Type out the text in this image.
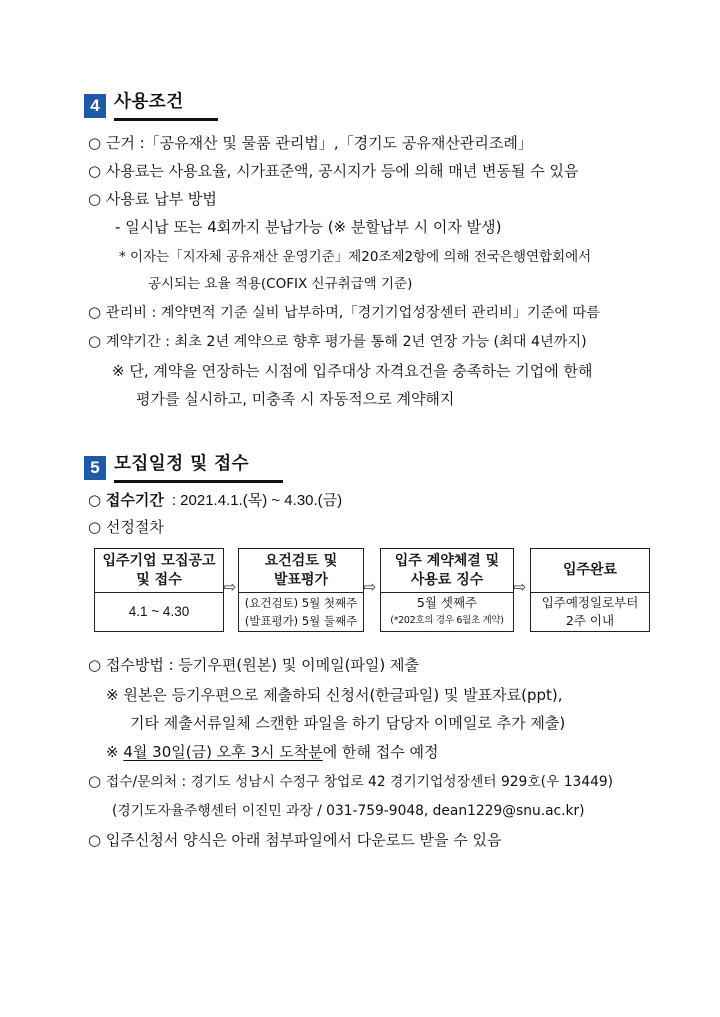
4 사용조건
○ 근거 :「공유재산 및 물품 관리법」,「경기도 공유재산관리조례」
○ 사용료는 사용요율, 시가표준액, 공시지가 등에 의해 매년 변동될 수 있음
○ 사용료 납부 방법
- 일시납 또는 4회까지 분납가능 (※ 분할납부 시 이자 발생)
* 이자는「지자체 공유재산 운영기준」제20조제2항에 의해 전국은행연합회에서
공시되는 요율 적용(COFIX 신규취급액 기준)
○ 관리비 : 계약면적 기준 실비 납부하며,「경기기업성장센터 관리비」기준에 따름
○ 계약기간 : 최초 2년 계약으로 향후 평가를 통해 2년 연장 가능 (최대 4년까지)
※ 단, 계약을 연장하는 시점에 입주대상 자격요건을 충족하는 기업에 한해
평가를 실시하고, 미충족 시 자동적으로 계약해지
5 모집일정 및 접수
○ 접수기간 : 2021.4.1.(목) ~ 4.30.(금)
○ 선정절차
입주기업 모집공고
및 접수
4.1 ~ 4.30
⇨
요건검토 및
발표평가
(요건검토) 5월 첫째주
(발표평가) 5월 둘째주
⇨
입주 계약체결 및
사용료 징수
5월 셋째주
(*202호의 경우 6월초 계약)
⇨
입주완료
입주예정일로부터
2주 이내
○ 접수방법 : 등기우편(원본) 및 이메일(파일) 제출
※ 원본은 등기우편으로 제출하되 신청서(한글파일) 및 발표자료(ppt),
기타 제출서류일체 스캔한 파일을 하기 담당자 이메일로 추가 제출)
※ 4월 30일(금) 오후 3시 도착분에 한해 접수 예정
○ 접수/문의처 : 경기도 성남시 수정구 창업로 42 경기기업성장센터 929호(우 13449)
(경기도자율주행센터 이진민 과장 / 031-759-9048, dean1229@snu.ac.kr)
○ 입주신청서 양식은 아래 첨부파일에서 다운로드 받을 수 있음
